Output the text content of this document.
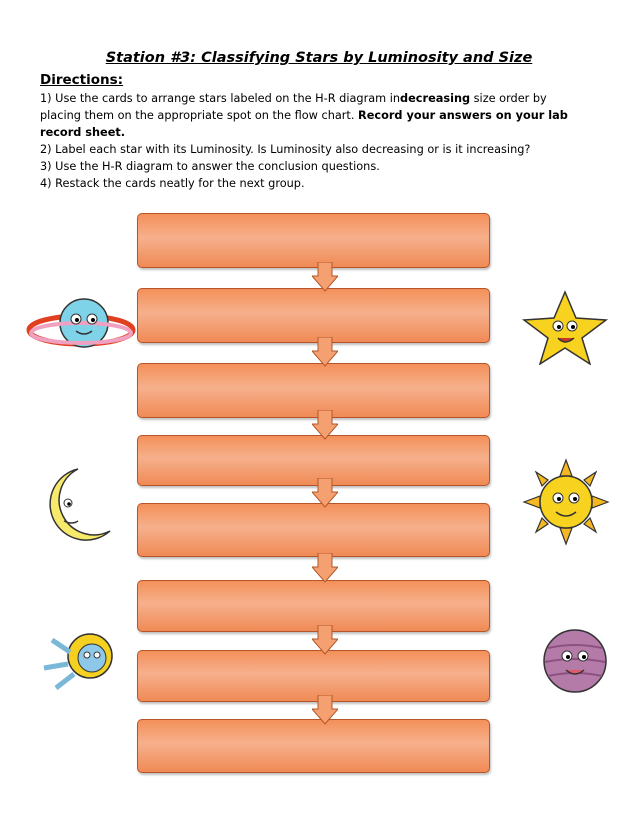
Station #3: Classifying Stars by Luminosity and Size
Directions:
1) Use the cards to arrange stars labeled on the H-R diagram indecreasing size order by
placing them on the appropriate spot on the flow chart. Record your answers on your lab
record sheet.
2) Label each star with its Luminosity. Is Luminosity also decreasing or is it increasing?
3) Use the H-R diagram to answer the conclusion questions.
4) Restack the cards neatly for the next group.
